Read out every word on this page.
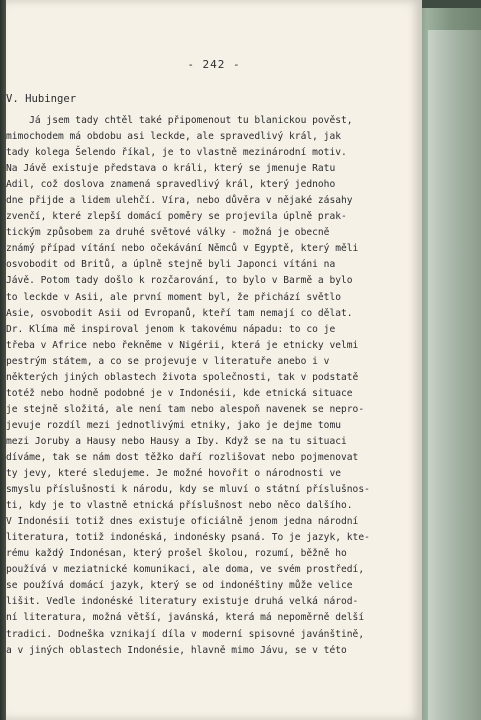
- 242 -
V. Hubinger
Já jsem tady chtěl také připomenout tu blanickou pověst,
mimochodem má obdobu asi leckde, ale spravedlivý král, jak
tady kolega Šelendo říkal, je to vlastně mezinárodní motiv.
Na Jávě existuje představa o králi, který se jmenuje Ratu
Adil, což doslova znamená spravedlivý král, který jednoho
dne přijde a lidem ulehčí. Víra, nebo důvěra v nějaké zásahy
zvenčí, které zlepší domácí poměry se projevila úplně prak-
tickým způsobem za druhé světové války - možná je obecně
známý případ vítání nebo očekávání Němců v Egyptě, který měli
osvobodit od Britů, a úplně stejně byli Japonci vítáni na
Jávě. Potom tady došlo k rozčarování, to bylo v Barmě a bylo
to leckde v Asii, ale první moment byl, že přichází světlo
Asie, osvobodit Asii od Evropanů, kteří tam nemají co dělat.
Dr. Klíma mě inspiroval jenom k takovému nápadu: to co je
třeba v Africe nebo řekněme v Nigérii, která je etnicky velmi
pestrým státem, a co se projevuje v literatuře anebo i v
některých jiných oblastech života společnosti, tak v podstatě
totéž nebo hodně podobné je v Indonésii, kde etnická situace
je stejně složitá, ale není tam nebo alespoň navenek se nepro-
jevuje rozdíl mezi jednotlivými etniky, jako je dejme tomu
mezi Joruby a Hausy nebo Hausy a Iby. Když se na tu situaci
díváme, tak se nám dost těžko daří rozlišovat nebo pojmenovat
ty jevy, které sledujeme. Je možné hovořit o národnosti ve
smyslu příslušnosti k národu, kdy se mluví o státní příslušnos-
ti, kdy je to vlastně etnická příslušnost nebo něco dalšího.
V Indonésii totiž dnes existuje oficiálně jenom jedna národní
literatura, totiž indonéská, indonésky psaná. To je jazyk, kte-
rému každý Indonésan, který prošel školou, rozumí, běžně ho
používá v meziatnické komunikaci, ale doma, ve svém prostředí,
se používá domácí jazyk, který se od indonéštiny může velice
lišit. Vedle indonéské literatury existuje druhá velká národ-
ní literatura, možná větší, javánská, která má nepoměrně delší
tradici. Dodneška vznikají díla v moderní spisovné javánštině,
a v jiných oblastech Indonésie, hlavně mimo Jávu, se v této
